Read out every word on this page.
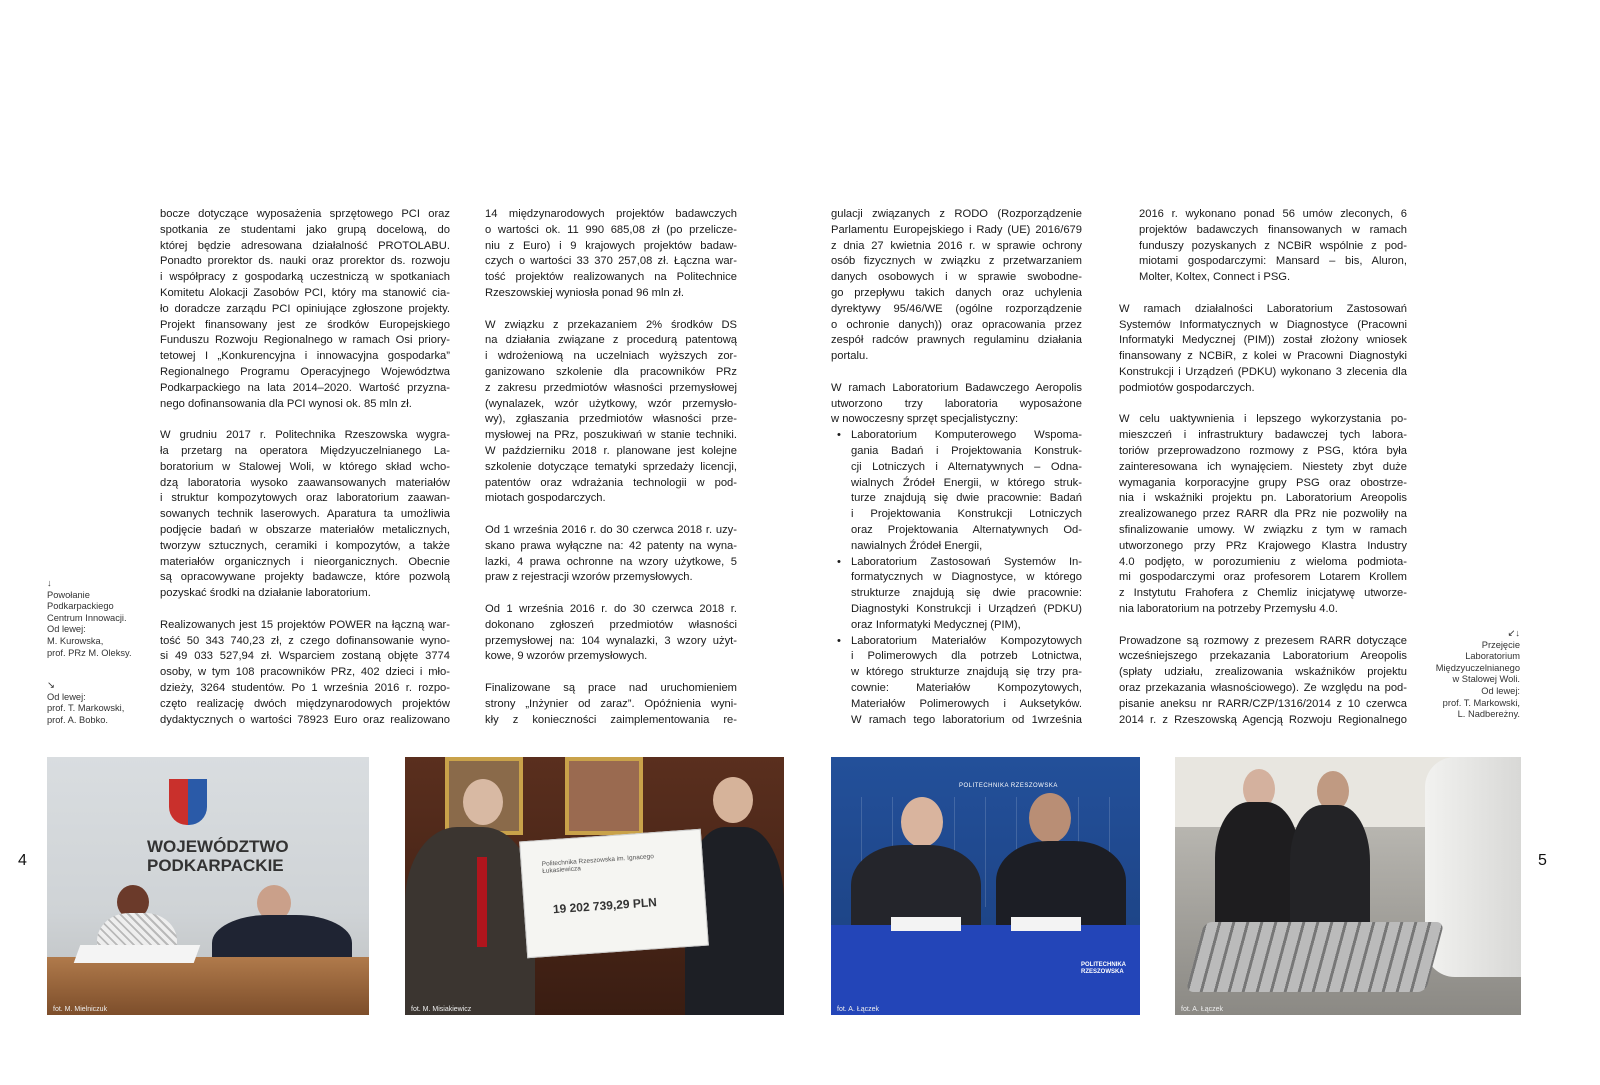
4	5
bocze dotyczące wyposażenia sprzętowego PCI oraz
spotkania ze studentami jako grupą docelową, do
której będzie adresowana działalność PROTOLABU.
Ponadto prorektor ds. nauki oraz prorektor ds. rozwoju
i współpracy z gospodarką uczestniczą w spotkaniach
Komitetu Alokacji Zasobów PCI, który ma stanowić cia-
ło doradcze zarządu PCI opiniujące zgłoszone projekty.
Projekt finansowany jest ze środków Europejskiego
Funduszu Rozwoju Regionalnego w ramach Osi priory-
tetowej I „Konkurencyjna i innowacyjna gospodarka”
Regionalnego Programu Operacyjnego Województwa
Podkarpackiego na lata 2014–2020. Wartość przyzna-
nego dofinansowania dla PCI wynosi ok. 85 mln zł.
W grudniu 2017 r. Politechnika Rzeszowska wygra-
ła przetarg na operatora Międzyuczelnianego La-
boratorium w Stalowej Woli, w którego skład wcho-
dzą laboratoria wysoko zaawansowanych materiałów
i struktur kompozytowych oraz laboratorium zaawan-
sowanych technik laserowych. Aparatura ta umożliwia
podjęcie badań w obszarze materiałów metalicznych,
tworzyw sztucznych, ceramiki i kompozytów, a także
materiałów organicznych i nieorganicznych. Obecnie
są opracowywane projekty badawcze, które pozwolą
pozyskać środki na działanie laboratorium.
Realizowanych jest 15 projektów POWER na łączną war-
tość 50 343 740,23 zł, z czego dofinansowanie wyno-
si 49 033 527,94 zł. Wsparciem zostaną objęte 3774
osoby, w tym 108 pracowników PRz, 402 dzieci i mło-
dzieży, 3264 studentów. Po 1 września 2016 r. rozpo-
częto realizację dwóch międzynarodowych projektów
dydaktycznych o wartości 78923 Euro oraz realizowano
14 międzynarodowych projektów badawczych
o wartości ok. 11 990 685,08 zł (po przelicze-
niu z Euro) i 9 krajowych projektów badaw-
czych o wartości 33 370 257,08 zł. Łączna war-
tość projektów realizowanych na Politechnice
Rzeszowskiej wyniosła ponad 96 mln zł.
W związku z przekazaniem 2% środków DS
na działania związane z procedurą patentową
i wdrożeniową na uczelniach wyższych zor-
ganizowano szkolenie dla pracowników PRz
z zakresu przedmiotów własności przemysłowej
(wynalazek, wzór użytkowy, wzór przemysło-
wy), zgłaszania przedmiotów własności prze-
mysłowej na PRz, poszukiwań w stanie techniki.
W październiku 2018 r. planowane jest kolejne
szkolenie dotyczące tematyki sprzedaży licencji,
patentów oraz wdrażania technologii w pod-
miotach gospodarczych.
Od 1 września 2016 r. do 30 czerwca 2018 r. uzy-
skano prawa wyłączne na: 42 patenty na wyna-
lazki, 4 prawa ochronne na wzory użytkowe, 5
praw z rejestracji wzorów przemysłowych.
Od 1 września 2016 r. do 30 czerwca 2018 r.
dokonano zgłoszeń przedmiotów własności
przemysłowej na: 104 wynalazki, 3 wzory użyt-
kowe, 9 wzorów przemysłowych.
Finalizowane są prace nad uruchomieniem
strony „Inżynier od zaraz”. Opóźnienia wyni-
kły z konieczności zaimplementowania re-
gulacji związanych z RODO (Rozporządzenie
Parlamentu Europejskiego i Rady (UE) 2016/679
z dnia 27 kwietnia 2016 r. w sprawie ochrony
osób fizycznych w związku z przetwarzaniem
danych osobowych i w sprawie swobodne-
go przepływu takich danych oraz uchylenia
dyrektywy 95/46/WE (ogólne rozporządzenie
o ochronie danych)) oraz opracowania przez
zespół radców prawnych regulaminu działania
portalu.
W ramach Laboratorium Badawczego Aeropolis
utworzono trzy laboratoria wyposażone
w nowoczesny sprzęt specjalistyczny:
• Laboratorium Komputerowego Wspoma-
gania Badań i Projektowania Konstruk-
cji Lotniczych i Alternatywnych – Odna-
wialnych Źródeł Energii, w którego struk-
turze znajdują się dwie pracownie: Badań
i Projektowania Konstrukcji Lotniczych
oraz Projektowania Alternatywnych Od-
nawialnych Źródeł Energii,
• Laboratorium Zastosowań Systemów In-
formatycznych w Diagnostyce, w którego
strukturze znajdują się dwie pracownie:
Diagnostyki Konstrukcji i Urządzeń (PDKU)
oraz Informatyki Medycznej (PIM),
• Laboratorium Materiałów Kompozytowych
i Polimerowych dla potrzeb Lotnictwa,
w którego strukturze znajdują się trzy pra-
cownie: Materiałów Kompozytowych,
Materiałów Polimerowych i Auksetyków.
W ramach tego laboratorium od 1września
2016 r. wykonano ponad 56 umów zleconych, 6
projektów badawczych finansowanych w ramach
funduszy pozyskanych z NCBiR wspólnie z pod-
miotami gospodarczymi: Mansard – bis, Aluron,
Molter, Koltex, Connect i PSG.
W ramach działalności Laboratorium Zastosowań
Systemów Informatycznych w Diagnostyce (Pracowni
Informatyki Medycznej (PIM)) został złożony wniosek
finansowany z NCBiR, z kolei w Pracowni Diagnostyki
Konstrukcji i Urządzeń (PDKU) wykonano 3 zlecenia dla
podmiotów gospodarczych.
W celu uaktywnienia i lepszego wykorzystania po-
mieszczeń i infrastruktury badawczej tych labora-
toriów przeprowadzono rozmowy z PSG, która była
zainteresowana ich wynajęciem. Niestety zbyt duże
wymagania korporacyjne grupy PSG oraz obostrze-
nia i wskaźniki projektu pn. Laboratorium Areopolis
zrealizowanego przez RARR dla PRz nie pozwoliły na
sfinalizowanie umowy. W związku z tym w ramach
utworzonego przy PRz Krajowego Klastra Industry
4.0 podjęto, w porozumieniu z wieloma podmiota-
mi gospodarczymi oraz profesorem Lotarem Krollem
z Instytutu Frahofera z Chemliz inicjatywę utworze-
nia laboratorium na potrzeby Przemysłu 4.0.
Prowadzone są rozmowy z prezesem RARR dotyczące
wcześniejszego przekazania Laboratorium Areopolis
(spłaty udziału, zrealizowania wskaźników projektu
oraz przekazania własnościowego). Ze względu na pod-
pisanie aneksu nr RARR/CZP/1316/2014 z 10 czerwca
2014 r. z Rzeszowską Agencją Rozwoju Regionalnego
↓
Powołanie
Podkarpackiego
Centrum Innowacji.
Od lewej:
M. Kurowska,
prof. PRz M. Oleksy.
↘
Od lewej:
prof. T. Markowski,
prof. A. Bobko.
↙↓
Przejęcie
Laboratorium
Międzyuczelnianego
w Stalowej Woli.
Od lewej:
prof. T. Markowski,
L. Nadbereżny.
WOJEWÓDZTWO
PODKARPACKIE
fot. M. Mielniczuk
Politechnika Rzeszowska im. Ignacego Łukasiewicza
19 202 739,29 PLN
fot. M. Misiakiewicz
POLITECHNIKA RZESZOWSKA
POLITECHNIKA RZESZOWSKA
fot. A. Łączek	fot. A. Łączek
